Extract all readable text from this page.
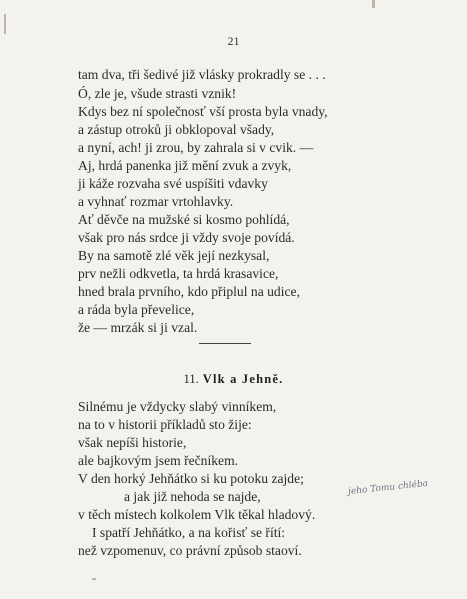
21
tam dva, tři šedivé již vlásky prokradly se . . .
Ó, zle je, všude strasti vznik!
Kdys bez ní společnosť vší prosta byla vnady,
a zástup otroků ji obklopoval všady,
a nyní, ach! ji zrou, by zahrala si v cvik. —
Aj, hrdá panenka již mění zvuk a zvyk,
ji káže rozvaha své uspíšiti vdavky
a vyhnať rozmar vrtohlavky.
Ať děvče na mužské si kosmo pohlídá,
však pro nás srdce ji vždy svoje povídá.
By na samotě zlé věk její nezkysal,
prv nežli odkvetla, ta hrdá krasavice,
hned brala prvního, kdo připlul na udice,
a ráda byla převelice,
že — mrzák si ji vzal.
11. Vlk a Jehně.
Silnému je vždycky slabý vinníkem,
na to v historii příkladů sto žije:
však nepíši historie,
ale bajkovým jsem řečníkem.
V den horký Jehňátko si ku potoku zajde;
a jak již nehoda se najde,
v těch místech kolkolem Vlk těkal hladový.
I spatří Jehňátko, a na kořisť se řítí:
než vzpomenuv, co právní způsob staoví.
jeho Tomu chléba
